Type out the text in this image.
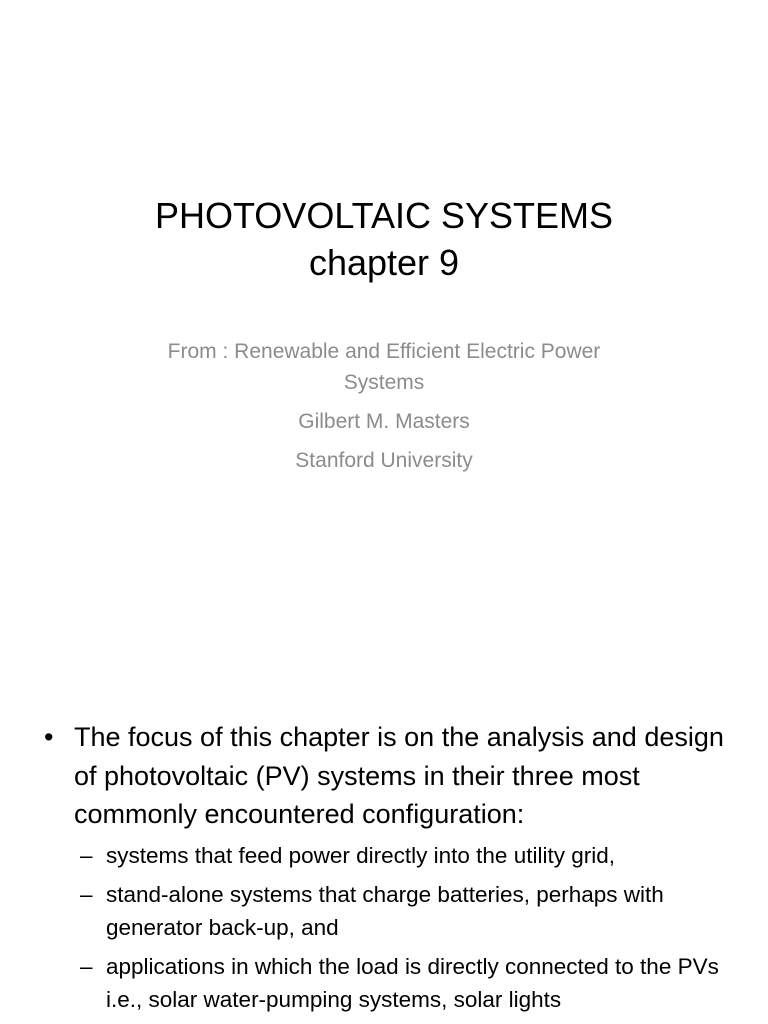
PHOTOVOLTAIC SYSTEMS
chapter 9
From : Renewable and Efficient Electric Power
Systems
Gilbert M. Masters
Stanford University
• The focus of this chapter is on the analysis and design of photovoltaic (PV) systems in their three most commonly encountered configuration:
– systems that feed power directly into the utility grid,
– stand-alone systems that charge batteries, perhaps with generator back-up, and
– applications in which the load is directly connected to the PVs i.e., solar water-pumping systems, solar lights
